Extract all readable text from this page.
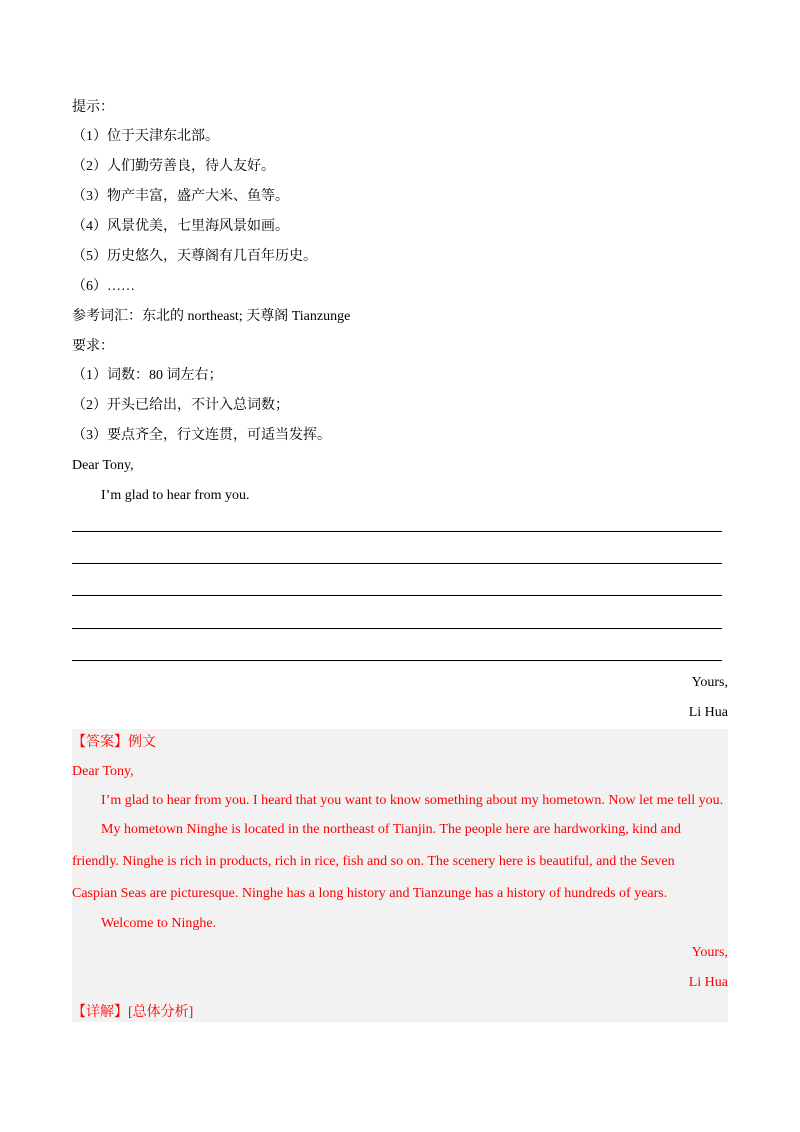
提示：
（1）位于天津东北部。
（2）人们勤劳善良，待人友好。
（3）物产丰富，盛产大米、鱼等。
（4）风景优美，七里海风景如画。
（5）历史悠久，天尊阁有几百年历史。
（6）……
参考词汇：东北的 northeast; 天尊阁 Tianzunge
要求：
（1）词数：80 词左右；
（2）开头已给出，不计入总词数；
（3）要点齐全，行文连贯，可适当发挥。
Dear Tony,
I’m glad to hear from you.
Yours,
Li Hua
【答案】例文
Dear Tony,
I’m glad to hear from you. I heard that you want to know something about my hometown. Now let me tell you.
My hometown Ninghe is located in the northeast of Tianjin. The people here are hardworking, kind and
friendly. Ninghe is rich in products, rich in rice, fish and so on. The scenery here is beautiful, and the Seven
Caspian Seas are picturesque. Ninghe has a long history and Tianzunge has a history of hundreds of years.
Welcome to Ninghe.
Yours,
Li Hua
【详解】[总体分析]
